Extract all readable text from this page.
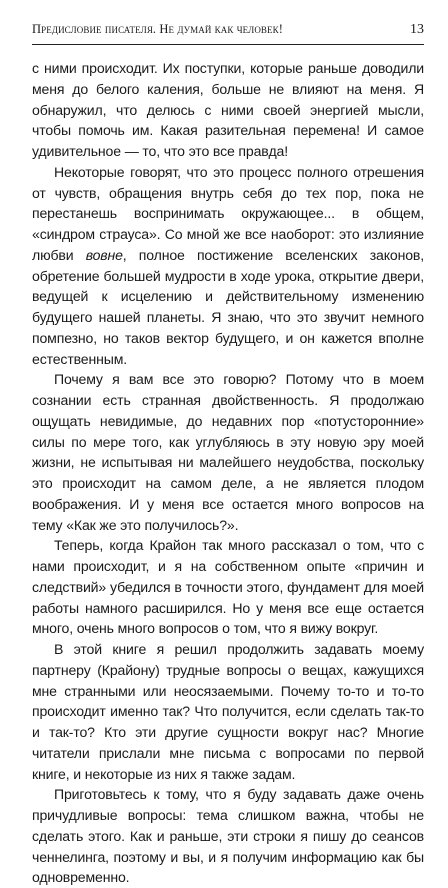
Предисловие писателя. Не думай как человек!	13

с ними происходит. Их поступки, которые раньше доводили меня до белого каления, больше не влияют на меня. Я обнаружил, что делюсь с ними своей энергией мысли, чтобы помочь им. Какая разительная перемена! И самое удивительное — то, что это все правда!

Некоторые говорят, что это процесс полного отрешения от чувств, обращения внутрь себя до тех пор, пока не перестанешь воспринимать окружающее... в общем, «синдром страуса». Со мной же все наоборот: это излияние любви вовне, полное постижение вселенских законов, обретение большей мудрости в ходе урока, открытие двери, ведущей к исцелению и действительному изменению будущего нашей планеты. Я знаю, что это звучит немного помпезно, но таков вектор будущего, и он кажется вполне естественным.

Почему я вам все это говорю? Потому что в моем сознании есть странная двойственность. Я продолжаю ощущать невидимые, до недавних пор «потусторонние» силы по мере того, как углубляюсь в эту новую эру моей жизни, не испытывая ни малейшего неудобства, поскольку это происходит на самом деле, а не является плодом воображения. И у меня все остается много вопросов на тему «Как же это получилось?».

Теперь, когда Крайон так много рассказал о том, что с нами происходит, и я на собственном опыте «причин и следствий» убедился в точности этого, фундамент для моей работы намного расширился. Но у меня все еще остается много, очень много вопросов о том, что я вижу вокруг.

В этой книге я решил продолжить задавать моему партнеру (Крайону) трудные вопросы о вещах, кажущихся мне странными или неосязаемыми. Почему то-то и то-то происходит именно так? Что получится, если сделать так-то и так-то? Кто эти другие сущности вокруг нас? Многие читатели прислали мне письма с вопросами по первой книге, и некоторые из них я также задам.

Приготовьтесь к тому, что я буду задавать даже очень причудливые вопросы: тема слишком важна, чтобы не сделать этого. Как и раньше, эти строки я пишу до сеансов ченнелинга, поэтому и вы, и я получим информацию как бы одновременно.
